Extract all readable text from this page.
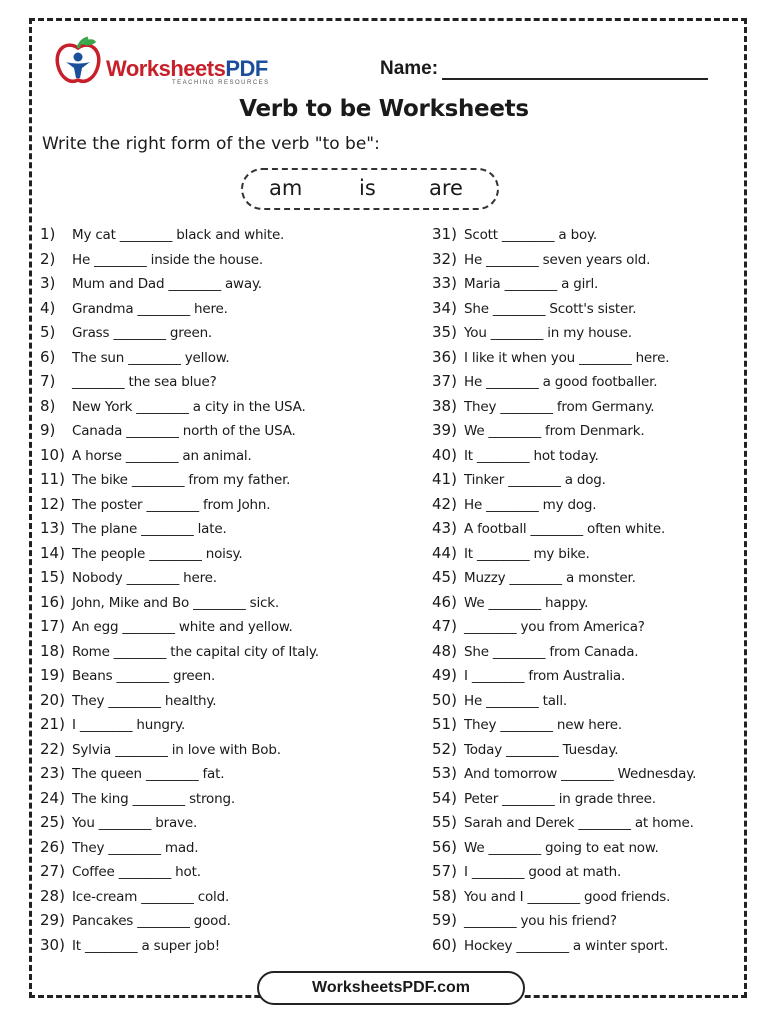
WorksheetsPDF
TEACHING RESOURCES
Name:
Verb to be Worksheets
Write the right form of the verb "to be":
am	is	are
1)	My cat ________ black and white.
2)	He ________ inside the house.
3)	Mum and Dad ________ away.
4)	Grandma ________ here.
5)	Grass ________ green.
6)	The sun ________ yellow.
7)	________ the sea blue?
8)	New York ________ a city in the USA.
9)	Canada ________ north of the USA.
10) A horse ________ an animal.
11) The bike ________ from my father.
12) The poster ________ from John.
13) The plane ________ late.
14) The people ________ noisy.
15) Nobody ________ here.
16) John, Mike and Bo ________ sick.
17) An egg ________ white and yellow.
18) Rome ________ the capital city of Italy.
19) Beans ________ green.
20) They ________ healthy.
21) I ________ hungry.
22) Sylvia ________ in love with Bob.
23) The queen ________ fat.
24) The king ________ strong.
25) You ________ brave.
26) They ________ mad.
27) Coffee ________ hot.
28) Ice-cream ________ cold.
29) Pancakes ________ good.
30) It ________ a super job!
31) Scott ________ a boy.
32) He ________ seven years old.
33) Maria ________ a girl.
34) She ________ Scott's sister.
35) You ________ in my house.
36) I like it when you ________ here.
37) He ________ a good footballer.
38) They ________ from Germany.
39) We ________ from Denmark.
40) It ________ hot today.
41) Tinker ________ a dog.
42) He ________ my dog.
43) A football ________ often white.
44) It ________ my bike.
45) Muzzy ________ a monster.
46) We ________ happy.
47) ________ you from America?
48) She ________ from Canada.
49) I ________ from Australia.
50) He ________ tall.
51) They ________ new here.
52) Today ________ Tuesday.
53) And tomorrow ________ Wednesday.
54) Peter ________ in grade three.
55) Sarah and Derek ________ at home.
56) We ________ going to eat now.
57) I ________ good at math.
58) You and I ________ good friends.
59) ________ you his friend?
60) Hockey ________ a winter sport.
WorksheetsPDF.com
